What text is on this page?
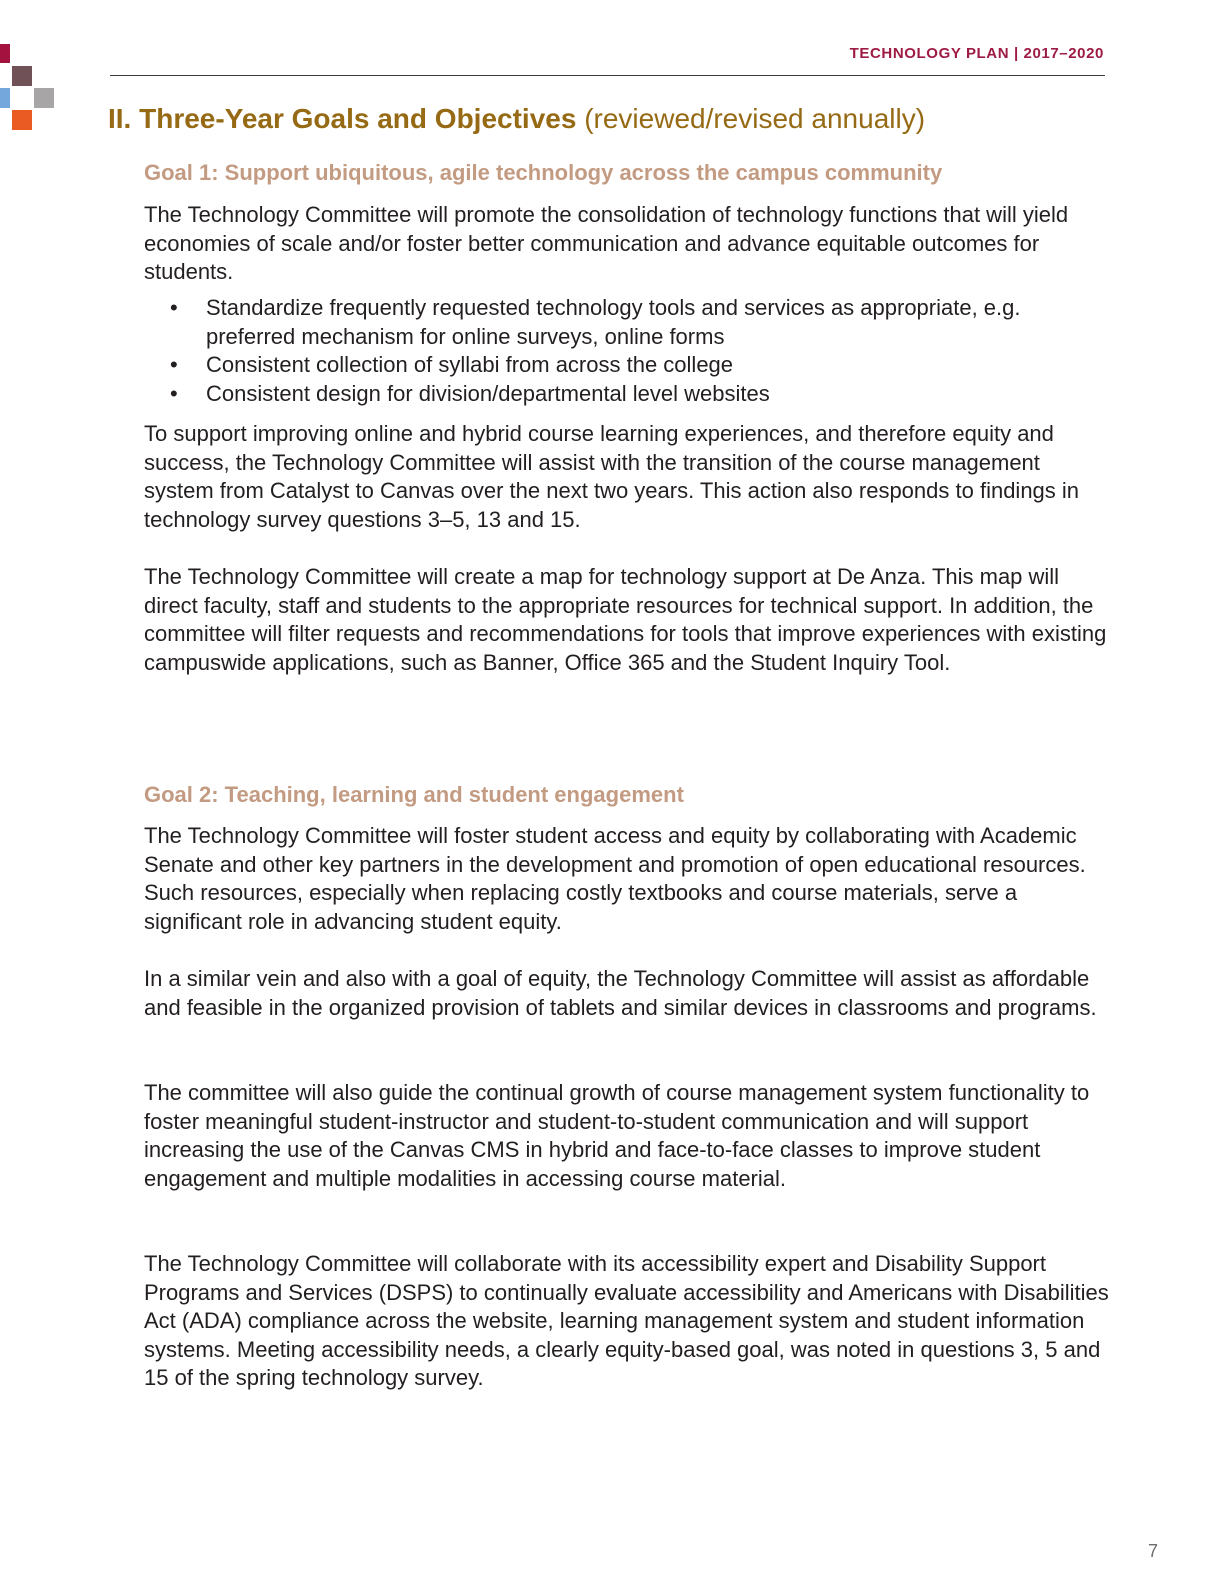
TECHNOLOGY PLAN | 2017–2020
II. Three-Year Goals and Objectives (reviewed/revised annually)
Goal 1: Support ubiquitous, agile technology across the campus community

The Technology Committee will promote the consolidation of technology functions that will yield economies of scale and/or foster better communication and advance equitable outcomes for students.

• Standardize frequently requested technology tools and services as appropriate, e.g. preferred mechanism for online surveys, online forms
• Consistent collection of syllabi from across the college
• Consistent design for division/departmental level websites

To support improving online and hybrid course learning experiences, and therefore equity and success, the Technology Committee will assist with the transition of the course management system from Catalyst to Canvas over the next two years. This action also responds to findings in technology survey questions 3–5, 13 and 15.

The Technology Committee will create a map for technology support at De Anza. This map will direct faculty, staff and students to the appropriate resources for technical support. In addition, the committee will filter requests and recommendations for tools that improve experiences with existing campuswide applications, such as Banner, Office 365 and the Student Inquiry Tool.

Goal 2: Teaching, learning and student engagement

The Technology Committee will foster student access and equity by collaborating with Academic Senate and other key partners in the development and promotion of open educational resources. Such resources, especially when replacing costly textbooks and course materials, serve a significant role in advancing student equity.

In a similar vein and also with a goal of equity, the Technology Committee will assist as affordable and feasible in the organized provision of tablets and similar devices in classrooms and programs.

The committee will also guide the continual growth of course management system functionality to foster meaningful student-instructor and student-to-student communication and will support increasing the use of the Canvas CMS in hybrid and face-to-face classes to improve student engagement and multiple modalities in accessing course material.

The Technology Committee will collaborate with its accessibility expert and Disability Support Programs and Services (DSPS) to continually evaluate accessibility and Americans with Disabilities Act (ADA) compliance across the website, learning management system and student information systems. Meeting accessibility needs, a clearly equity-based goal, was noted in questions 3, 5 and 15 of the spring technology survey.

7
